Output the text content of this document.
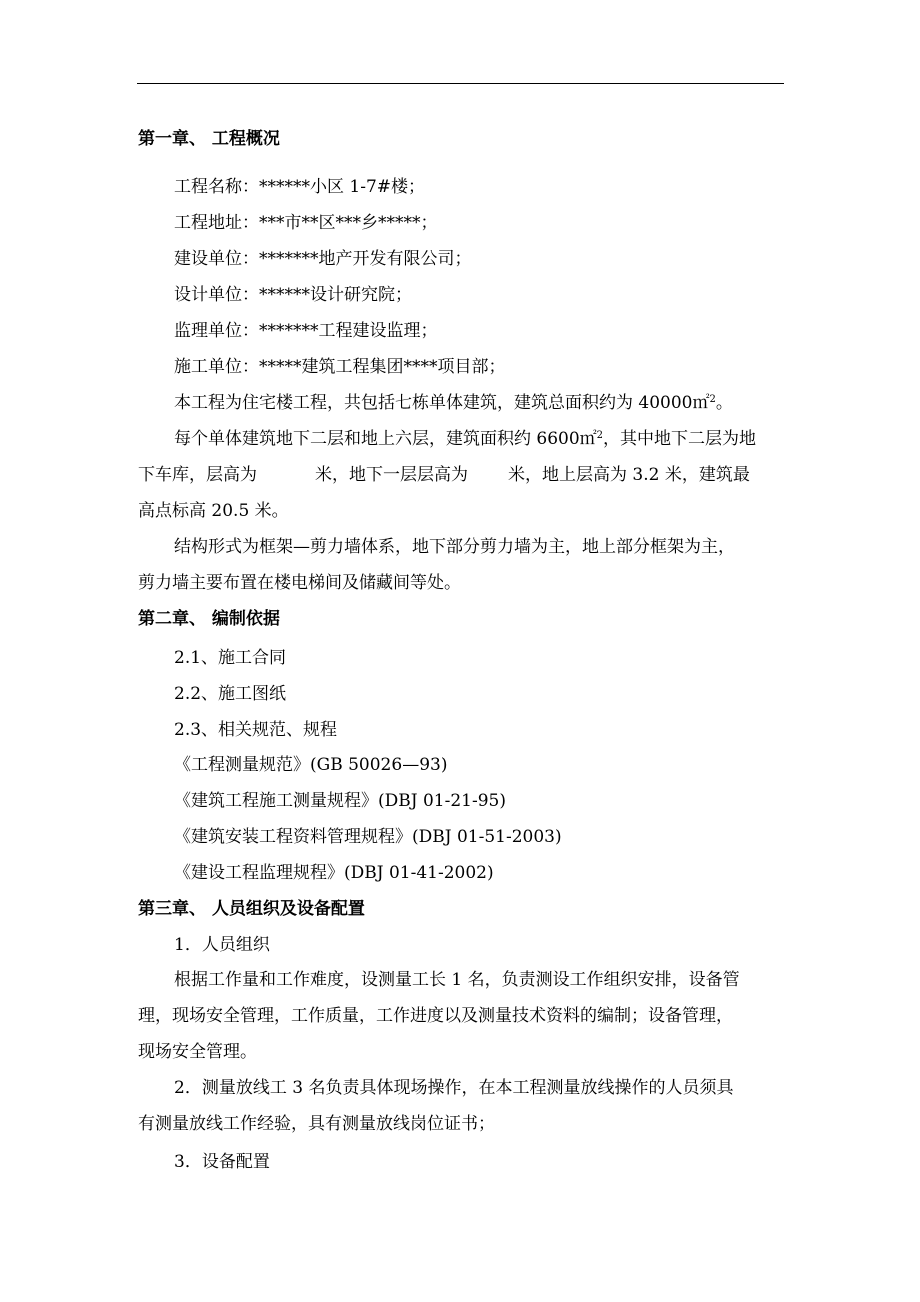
第一章、 工程概况
工程名称：******小区 1-7#楼；
工程地址：***市**区***乡*****；
建设单位：*******地产开发有限公司；
设计单位：******设计研究院；
监理单位：*******工程建设监理；
施工单位：*****建筑工程集团****项目部；
本工程为住宅楼工程，共包括七栋单体建筑，建筑总面积约为 40000㎡$^2$。
每个单体建筑地下二层和地上六层，建筑面积约 6600㎡$^2$，其中地下二层为地
下车库，层高为	米，地下一层层高为 米，地上层高为 3.2 米，建筑最
高点标高 20.5 米。
结构形式为框架—剪力墙体系，地下部分剪力墙为主，地上部分框架为主，
剪力墙主要布置在楼电梯间及储藏间等处。
第二章、 编制依据
2.1、施工合同
2.2、施工图纸
2.3、相关规范、规程
《工程测量规范》(GB 50026—93)
《建筑工程施工测量规程》(DBJ 01-21-95)
《建筑安装工程资料管理规程》(DBJ 01-51-2003)
《建设工程监理规程》(DBJ 01-41-2002)
第三章、 人员组织及设备配置
1．人员组织
根据工作量和工作难度，设测量工长 1 名，负责测设工作组织安排，设备管
理，现场安全管理，工作质量，工作进度以及测量技术资料的编制；设备管理，
现场安全管理。
2．测量放线工 3 名负责具体现场操作，在本工程测量放线操作的人员须具
有测量放线工作经验，具有测量放线岗位证书；
3．设备配置
